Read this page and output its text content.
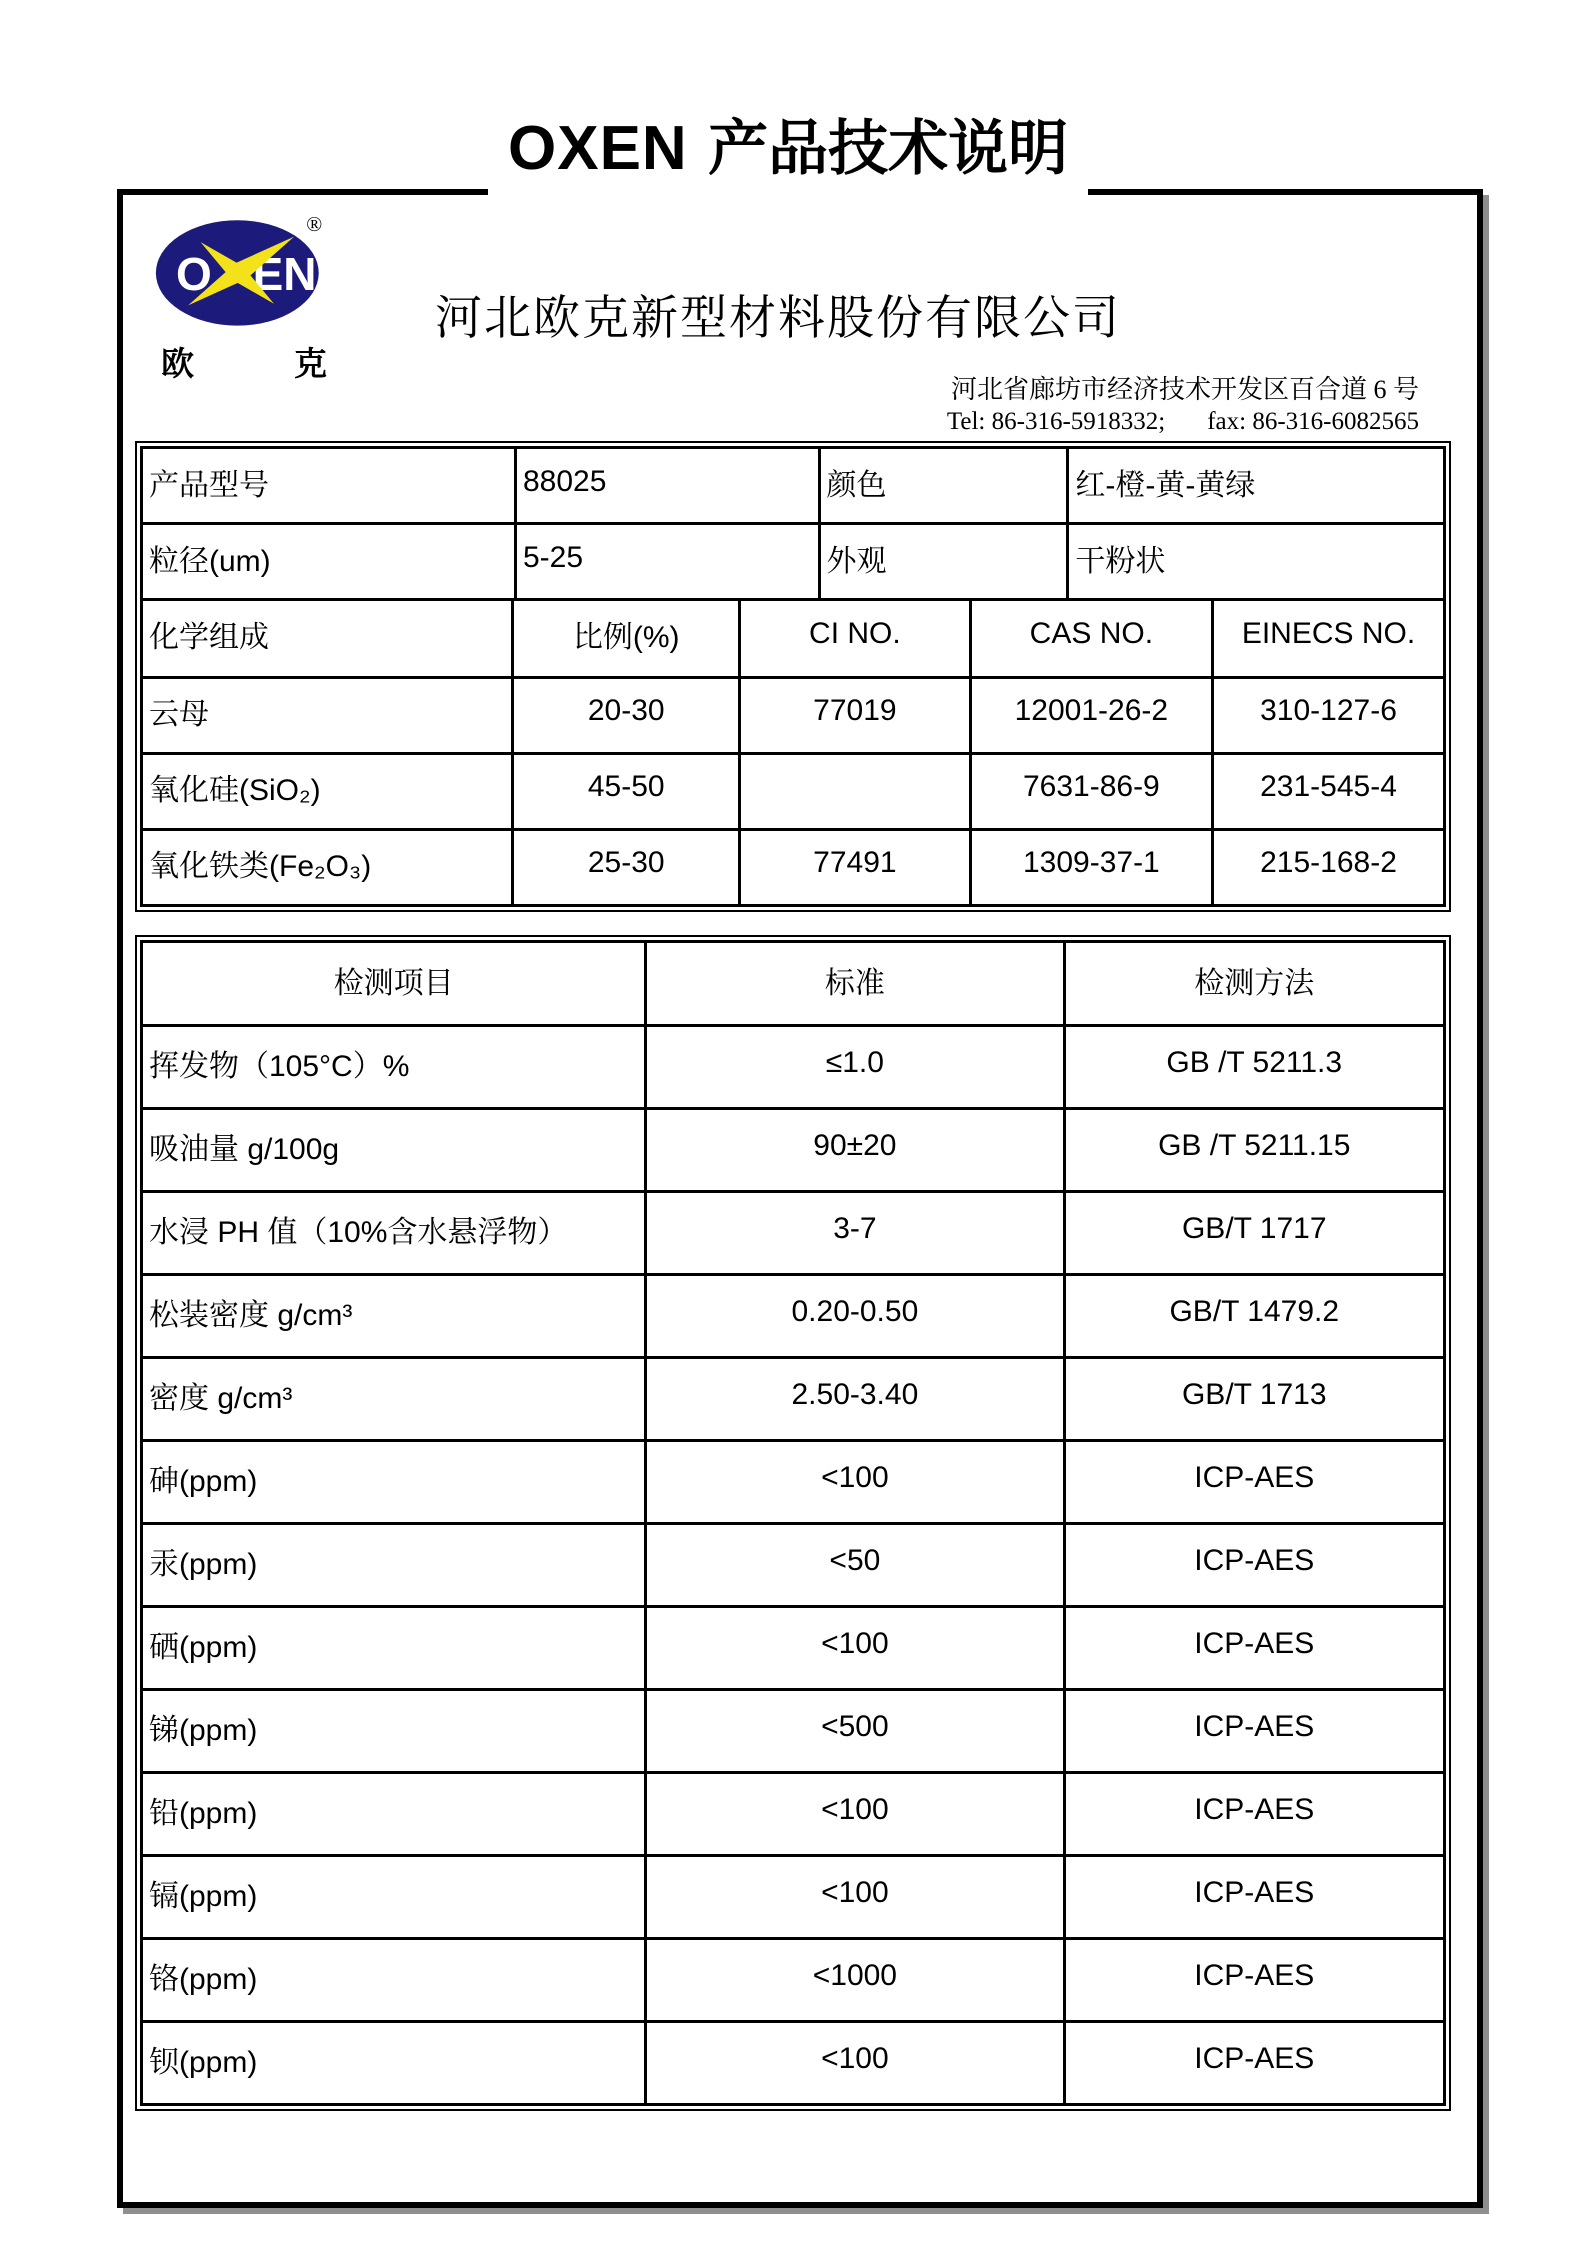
OXEN 产品技术说明
O EN
®
欧	克
河北欧克新型材料股份有限公司
河北省廊坊市经济技术开发区百合道 6 号
Tel: 86-316-5918332; fax: 86-316-6082565
产品型号	88025	颜色	红-橙-黄-黄绿
粒径(um)	5-25	外观	干粉状
化学组成	比例(%)	CI NO.	CAS NO.	EINECS NO.
云母	20-30	77019	12001-26-2	310-127-6
氧化硅(SiO₂)	45-50		7631-86-9	231-545-4
氧化铁类(Fe₂O₃)	25-30	77491	1309-37-1	215-168-2
检测项目	标准	检测方法
挥发物（105°C）%	≤1.0	GB /T 5211.3
吸油量 g/100g	90±20	GB /T 5211.15
水浸 PH 值（10%含水悬浮物）	3-7	GB/T 1717
松装密度 g/cm³	0.20-0.50	GB/T 1479.2
密度 g/cm³	2.50-3.40	GB/T 1713
砷(ppm)	<100	ICP-AES
汞(ppm)	<50	ICP-AES
硒(ppm)	<100	ICP-AES
锑(ppm)	<500	ICP-AES
铅(ppm)	<100	ICP-AES
镉(ppm)	<100	ICP-AES
铬(ppm)	<1000	ICP-AES
钡(ppm)	<100	ICP-AES
